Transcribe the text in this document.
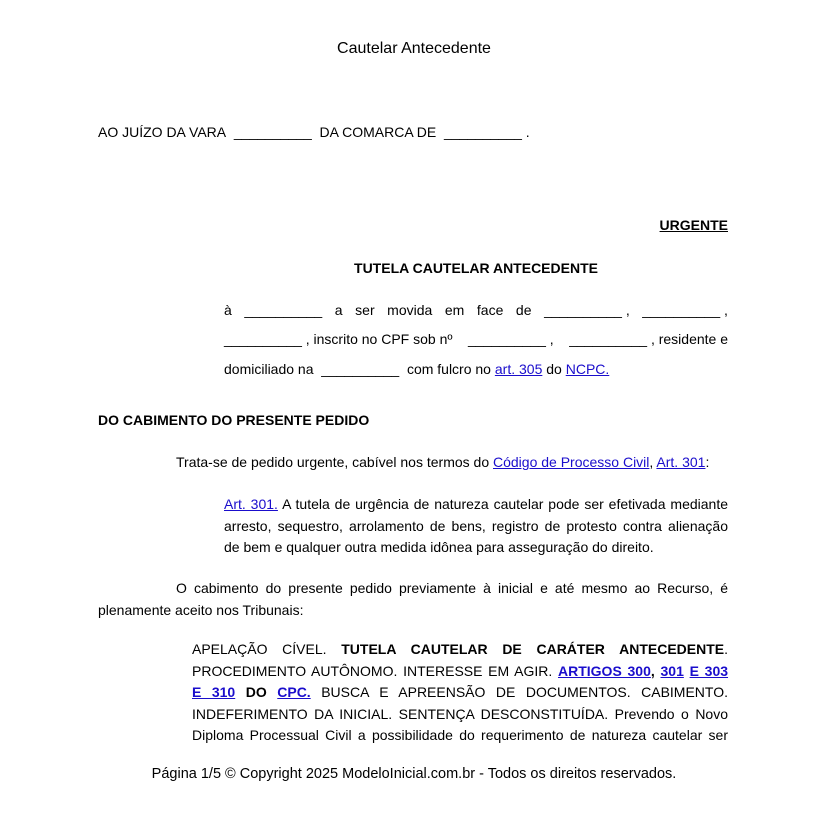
Cautelar Antecedente
AO JUÍZO DA VARA __________ DA COMARCA DE __________ .
URGENTE
TUTELA CAUTELAR ANTECEDENTE
à __________ a ser movida em face de __________ , __________ ,
__________ , inscrito no CPF sob nº __________ , __________ , residente e
domiciliado na __________ com fulcro no art. 305 do NCPC.
DO CABIMENTO DO PRESENTE PEDIDO
Trata-se de pedido urgente, cabível nos termos do Código de Processo Civil, Art. 301:
Art. 301. A tutela de urgência de natureza cautelar pode ser efetivada mediante
arresto, sequestro, arrolamento de bens, registro de protesto contra alienação
de bem e qualquer outra medida idônea para asseguração do direito.
O cabimento do presente pedido previamente à inicial e até mesmo ao Recurso, é
plenamente aceito nos Tribunais:
APELAÇÃO CÍVEL. TUTELA CAUTELAR DE CARÁTER ANTECEDENTE.
PROCEDIMENTO AUTÔNOMO. INTERESSE EM AGIR. ARTIGOS 300, 301 E 303
E 310 DO CPC. BUSCA E APREENSÃO DE DOCUMENTOS. CABIMENTO.
INDEFERIMENTO DA INICIAL. SENTENÇA DESCONSTITUÍDA. Prevendo o Novo
Diploma Processual Civil a possibilidade do requerimento de natureza cautelar ser
Página 1/5 © Copyright 2025 ModeloInicial.com.br - Todos os direitos reservados.
